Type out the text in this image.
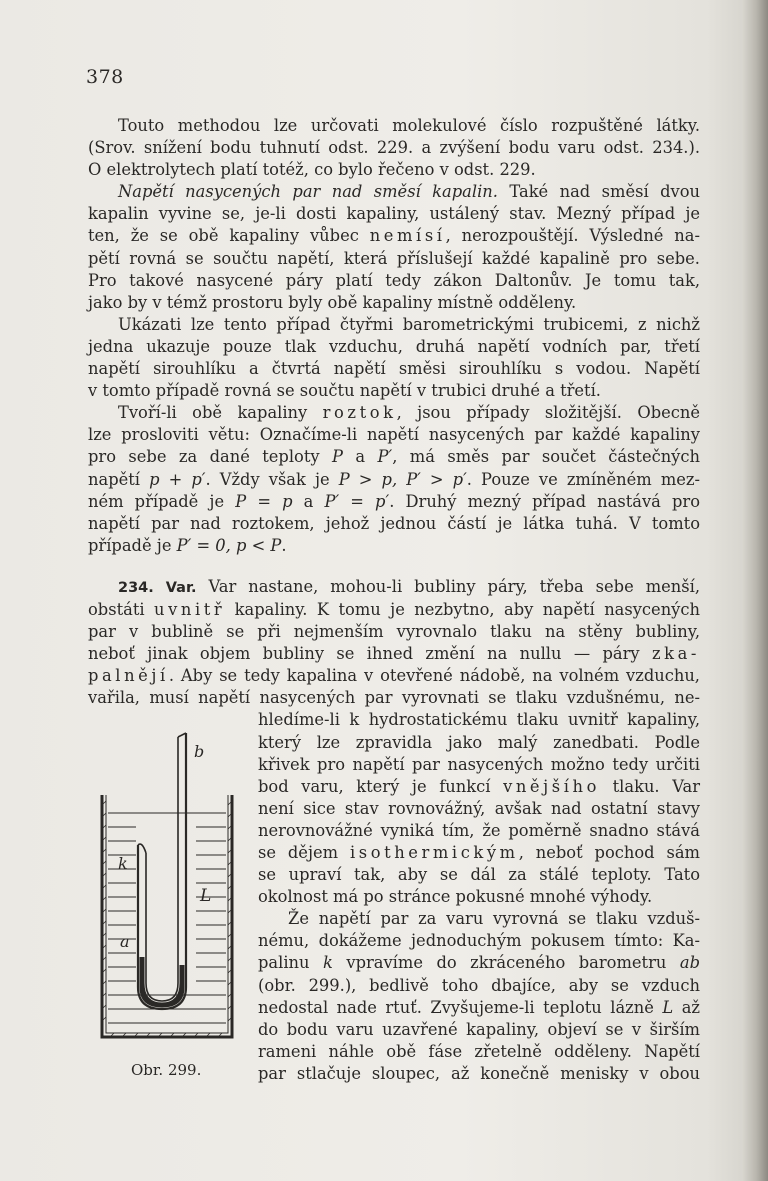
378
Touto methodou lze určovati molekulové číslo rozpuštěné látky.
(Srov. snížení bodu tuhnutí odst. 229. a zvýšení bodu varu odst. 234.).
O elektrolytech platí totéž, co bylo řečeno v odst. 229.
Napětí nasycených par nad směsí kapalin. Také nad směsí dvou
kapalin vyvine se, je-li dosti kapaliny, ustálený stav. Mezný případ je
ten, že se obě kapaliny vůbec nemísí, nerozpouštějí. Výsledné na-
pětí rovná se součtu napětí, která příslušejí každé kapalině pro sebe.
Pro takové nasycené páry platí tedy zákon Daltonův. Je tomu tak,
jako by v témž prostoru byly obě kapaliny místně odděleny.
Ukázati lze tento případ čtyřmi barometrickými trubicemi, z nichž
jedna ukazuje pouze tlak vzduchu, druhá napětí vodních par, třetí
napětí sirouhlíku a čtvrtá napětí směsi sirouhlíku s vodou. Napětí
v tomto případě rovná se součtu napětí v trubici druhé a třetí.
Tvoří-li obě kapaliny roztok, jsou případy složitější. Obecně
lze prosloviti větu: Označíme-li napětí nasycených par každé kapaliny
pro sebe za dané teploty P a P′, má směs par součet částečných
napětí p + p′. Vždy však je P > p, P′ > p′. Pouze ve zmíněném mez-
ném případě je P = p a P′ = p′. Druhý mezný případ nastává pro
napětí par nad roztokem, jehož jednou částí je látka tuhá. V tomto
případě je P′ = 0, p < P.
234. Var. Var nastane, mohou-li bubliny páry, třeba sebe menší,
obstáti uvnitř kapaliny. K tomu je nezbytno, aby napětí nasycených
par v bublině se při nejmenším vyrovnalo tlaku na stěny bubliny,
neboť jinak objem bubliny se ihned změní na nullu — páry zka-
palnějí. Aby se tedy kapalina v otevřené nádobě, na volném vzduchu,
vařila, musí napětí nasycených par vyrovnati se tlaku vzdušnému, ne-
hledíme-li k hydrostatickému tlaku uvnitř kapaliny,
který lze zpravidla jako malý zanedbati. Podle
křivek pro napětí par nasycených možno tedy určiti
bod varu, který je funkcí vnějšího tlaku. Var
není sice stav rovnovážný, avšak nad ostatní stavy
nerovnovážné vyniká tím, že poměrně snadno stává
se dějem isothermickým, neboť pochod sám
se upraví tak, aby se dál za stálé teploty. Tato
okolnost má po stránce pokusné mnohé výhody.
Že napětí par za varu vyrovná se tlaku vzduš-
nému, dokážeme jednoduchým pokusem tímto: Ka-
palinu k vpravíme do zkráceného barometru ab
(obr. 299.), bedlivě toho dbajíce, aby se vzduch
nedostal nade rtuť. Zvyšujeme-li teplotu lázně L až
do bodu varu uzavřené kapaliny, objeví se v širším
rameni náhle obě fáse zřetelně odděleny. Napětí
par stlačuje sloupec, až konečně menisky v obou
b
k
L
a
Obr. 299.
